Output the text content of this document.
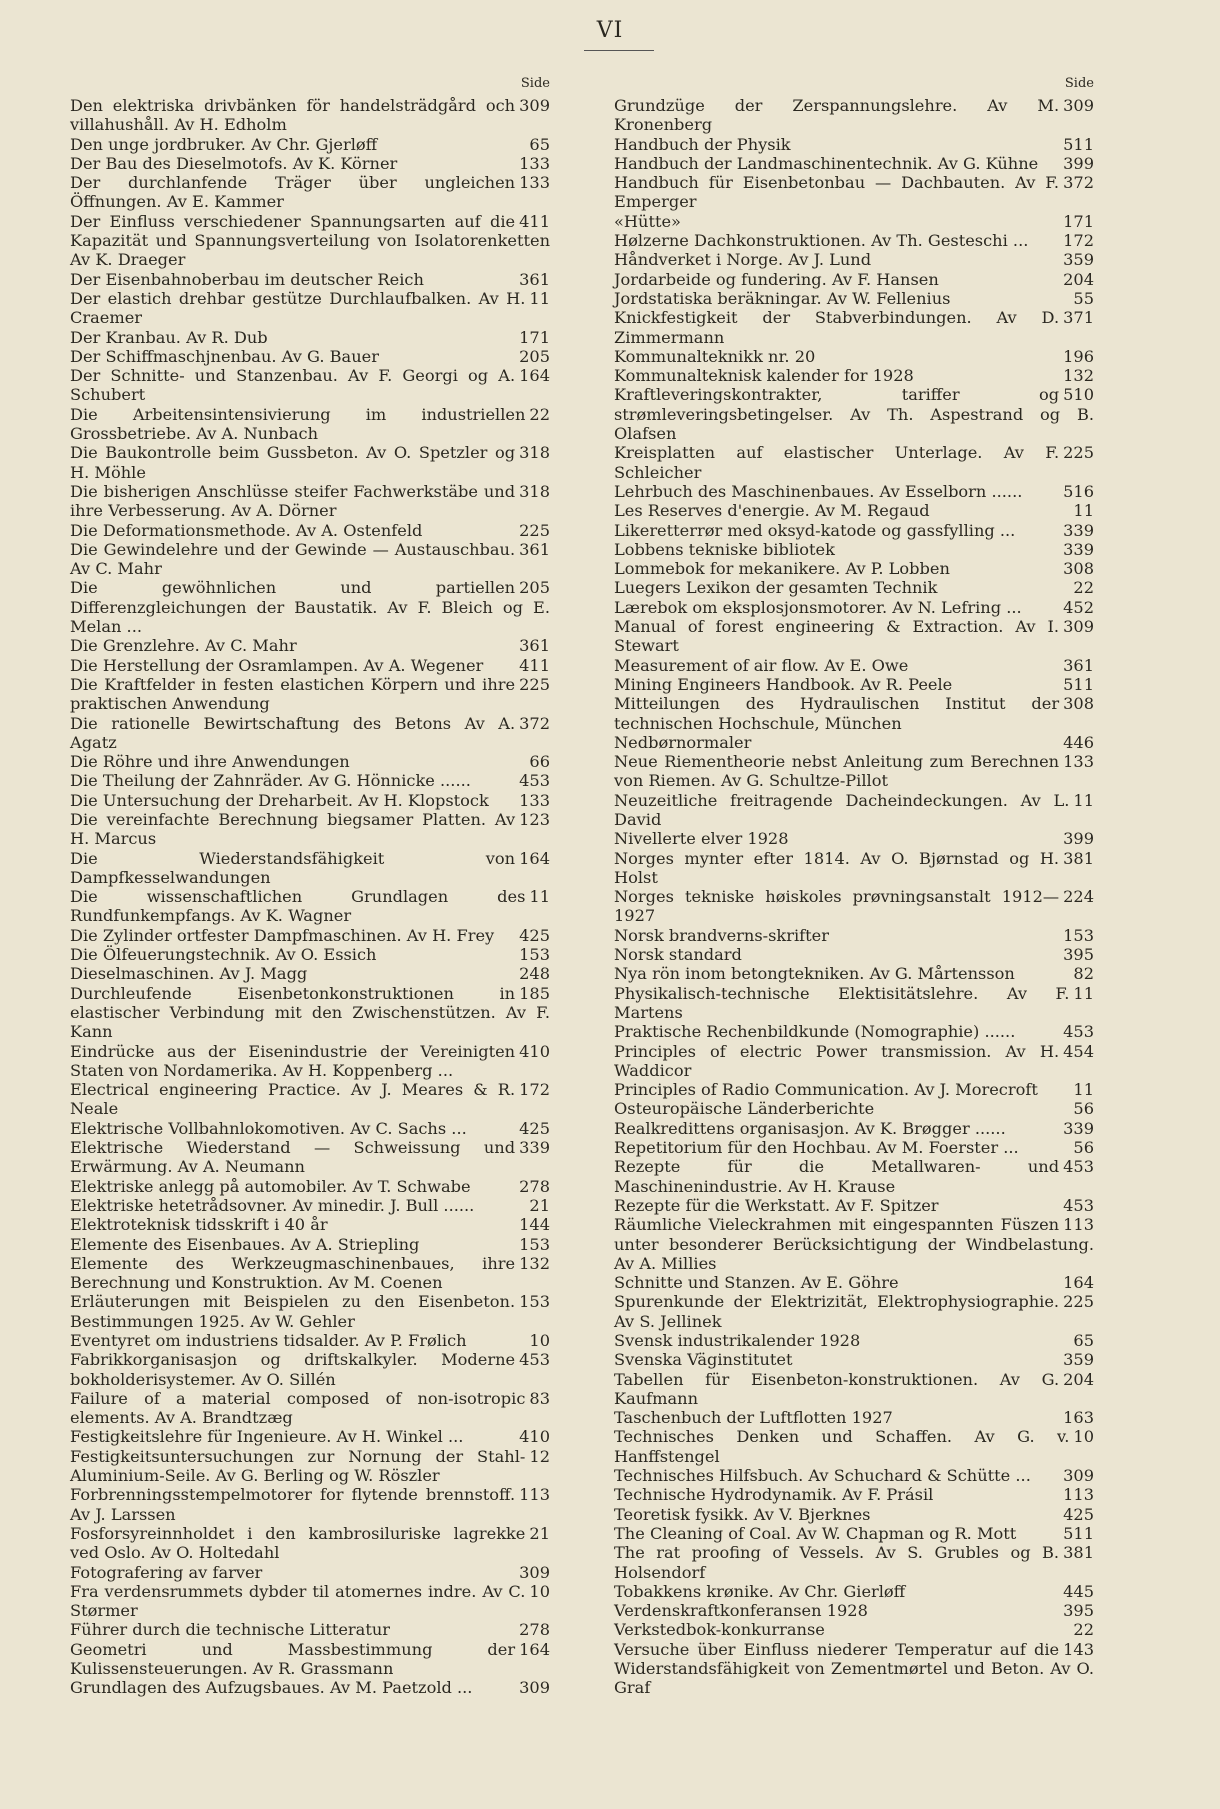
VI
Side
309
Den elektriska drivbänken för handelsträdgård och villahushåll. Av H. Edholm
65
Den unge jordbruker. Av Chr. Gjerløff
133
Der Bau des Dieselmotofs. Av K. Körner
133
Der durchlanfende Träger über ungleichen Öffnungen. Av E. Kammer
411
Der Einfluss verschiedener Spannungsarten auf die Kapazität und Spannungsverteilung von Isolatorenketten Av K. Draeger
361
Der Eisenbahnoberbau im deutscher Reich
11
Der elastich drehbar gestütze Durchlaufbalken. Av H. Craemer
171
Der Kranbau. Av R. Dub
205
Der Schiffmaschjnenbau. Av G. Bauer
164
Der Schnitte- und Stanzenbau. Av F. Georgi og A. Schubert
22
Die Arbeitensintensivierung im industriellen Grossbetriebe. Av A. Nunbach
318
Die Baukontrolle beim Gussbeton. Av O. Spetzler og H. Möhle
318
Die bisherigen Anschlüsse steifer Fachwerkstäbe und ihre Verbesserung. Av A. Dörner
225
Die Deformationsmethode. Av A. Ostenfeld
361
Die Gewindelehre und der Gewinde — Austauschbau. Av C. Mahr
205
Die gewöhnlichen und partiellen Differenzgleichungen der Baustatik. Av F. Bleich og E. Melan ...
361
Die Grenzlehre. Av C. Mahr
411
Die Herstellung der Osramlampen. Av A. Wegener
225
Die Kraftfelder in festen elastichen Körpern und ihre praktischen Anwendung
372
Die rationelle Bewirtschaftung des Betons Av A. Agatz
66
Die Röhre und ihre Anwendungen
453
Die Theilung der Zahnräder. Av G. Hönnicke ......
133
Die Untersuchung der Dreharbeit. Av H. Klopstock
123
Die vereinfachte Berechnung biegsamer Platten. Av H. Marcus
164
Die Wiederstandsfähigkeit von Dampfkesselwandungen
11
Die wissenschaftlichen Grundlagen des Rundfunkempfangs. Av K. Wagner
425
Die Zylinder ortfester Dampfmaschinen. Av H. Frey
153
Die Ölfeuerungstechnik. Av O. Essich
248
Dieselmaschinen. Av J. Magg
185
Durchleufende Eisenbetonkonstruktionen in elastischer Verbindung mit den Zwischenstützen. Av F. Kann
410
Eindrücke aus der Eisenindustrie der Vereinigten Staten von Nordamerika. Av H. Koppenberg ...
172
Electrical engineering Practice. Av J. Meares & R. Neale
425
Elektrische Vollbahnlokomotiven. Av C. Sachs ...
339
Elektrische Wiederstand — Schweissung und Erwärmung. Av A. Neumann
278
Elektriske anlegg på automobiler. Av T. Schwabe
21
Elektriske hetetrådsovner. Av minedir. J. Bull ......
144
Elektroteknisk tidsskrift i 40 år
153
Elemente des Eisenbaues. Av A. Striepling
132
Elemente des Werkzeugmaschinenbaues, ihre Berechnung und Konstruktion. Av M. Coenen
153
Erläuterungen mit Beispielen zu den Eisenbeton. Bestimmungen 1925. Av W. Gehler
10
Eventyret om industriens tidsalder. Av P. Frølich
453
Fabrikkorganisasjon og driftskalkyler. Moderne bokholderisystemer. Av O. Sillén
83
Failure of a material composed of non-isotropic elements. Av A. Brandtzæg
410
Festigkeitslehre für Ingenieure. Av H. Winkel ...
12
Festigkeitsuntersuchungen zur Nornung der Stahl-Aluminium-Seile. Av G. Berling og W. Röszler
113
Forbrenningsstempelmotorer for flytende brennstoff. Av J. Larssen
21
Fosforsyreinnholdet i den kambrosiluriske lagrekke ved Oslo. Av O. Holtedahl
309
Fotografering av farver
10
Fra verdensrummets dybder til atomernes indre. Av C. Størmer
278
Führer durch die technische Litteratur
164
Geometri und Massbestimmung der Kulissensteuerungen. Av R. Grassmann
309
Grundlagen des Aufzugsbaues. Av M. Paetzold ...
Side
309
Grundzüge der Zerspannungslehre. Av M. Kronenberg
511
Handbuch der Physik
399
Handbuch der Landmaschinentechnik. Av G. Kühne
372
Handbuch für Eisenbetonbau — Dachbauten. Av F. Emperger
171
«Hütte»
172
Hølzerne Dachkonstruktionen. Av Th. Gesteschi ...
359
Håndverket i Norge. Av J. Lund
204
Jordarbeide og fundering. Av F. Hansen
55
Jordstatiska beräkningar. Av W. Fellenius
371
Knickfestigkeit der Stabverbindungen. Av D. Zimmermann
196
Kommunalteknikk nr. 20
132
Kommunalteknisk kalender for 1928
510
Kraftleveringskontrakter, tariffer og strømleveringsbetingelser. Av Th. Aspestrand og B. Olafsen
225
Kreisplatten auf elastischer Unterlage. Av F. Schleicher
516
Lehrbuch des Maschinenbaues. Av Esselborn ......
11
Les Reserves d'energie. Av M. Regaud
339
Likeretterrør med oksyd-katode og gassfylling ...
339
Lobbens tekniske bibliotek
308
Lommebok for mekanikere. Av P. Lobben
22
Luegers Lexikon der gesamten Technik
452
Lærebok om eksplosjonsmotorer. Av N. Lefring ...
309
Manual of forest engineering & Extraction. Av I. Stewart
361
Measurement of air flow. Av E. Owe
511
Mining Engineers Handbook. Av R. Peele
308
Mitteilungen des Hydraulischen Institut der technischen Hochschule, München
446
Nedbørnormaler
133
Neue Riementheorie nebst Anleitung zum Berechnen von Riemen. Av G. Schultze-Pillot
11
Neuzeitliche freitragende Dacheindeckungen. Av L. David
399
Nivellerte elver 1928
381
Norges mynter efter 1814. Av O. Bjørnstad og H. Holst
224
Norges tekniske høiskoles prøvningsanstalt 1912—1927
153
Norsk brandverns-skrifter
395
Norsk standard
82
Nya rön inom betongtekniken. Av G. Mårtensson
11
Physikalisch-technische Elektisitätslehre. Av F. Martens
453
Praktische Rechenbildkunde (Nomographie) ......
454
Principles of electric Power transmission. Av H. Waddicor
11
Principles of Radio Communication. Av J. Morecroft
56
Osteuropäische Länderberichte
339
Realkredittens organisasjon. Av K. Brøgger ......
56
Repetitorium für den Hochbau. Av M. Foerster ...
453
Rezepte für die Metallwaren- und Maschinenindustrie. Av H. Krause
453
Rezepte für die Werkstatt. Av F. Spitzer
113
Räumliche Vieleckrahmen mit eingespannten Füszen unter besonderer Berücksichtigung der Windbelastung. Av A. Millies
164
Schnitte und Stanzen. Av E. Göhre
225
Spurenkunde der Elektrizität, Elektrophysiographie. Av S. Jellinek
65
Svensk industrikalender 1928
359
Svenska Väginstitutet
204
Tabellen für Eisenbeton-konstruktionen. Av G. Kaufmann
163
Taschenbuch der Luftflotten 1927
10
Technisches Denken und Schaffen. Av G. v. Hanffstengel
309
Technisches Hilfsbuch. Av Schuchard & Schütte ...
113
Technische Hydrodynamik. Av F. Prásil
425
Teoretisk fysikk. Av V. Bjerknes
511
The Cleaning of Coal. Av W. Chapman og R. Mott
381
The rat proofing of Vessels. Av S. Grubles og B. Holsendorf
445
Tobakkens krønike. Av Chr. Gierløff
395
Verdenskraftkonferansen 1928
22
Verkstedbok-konkurranse
143
Versuche über Einfluss niederer Temperatur auf die Widerstandsfähigkeit von Zementmørtel und Beton. Av O. Graf
